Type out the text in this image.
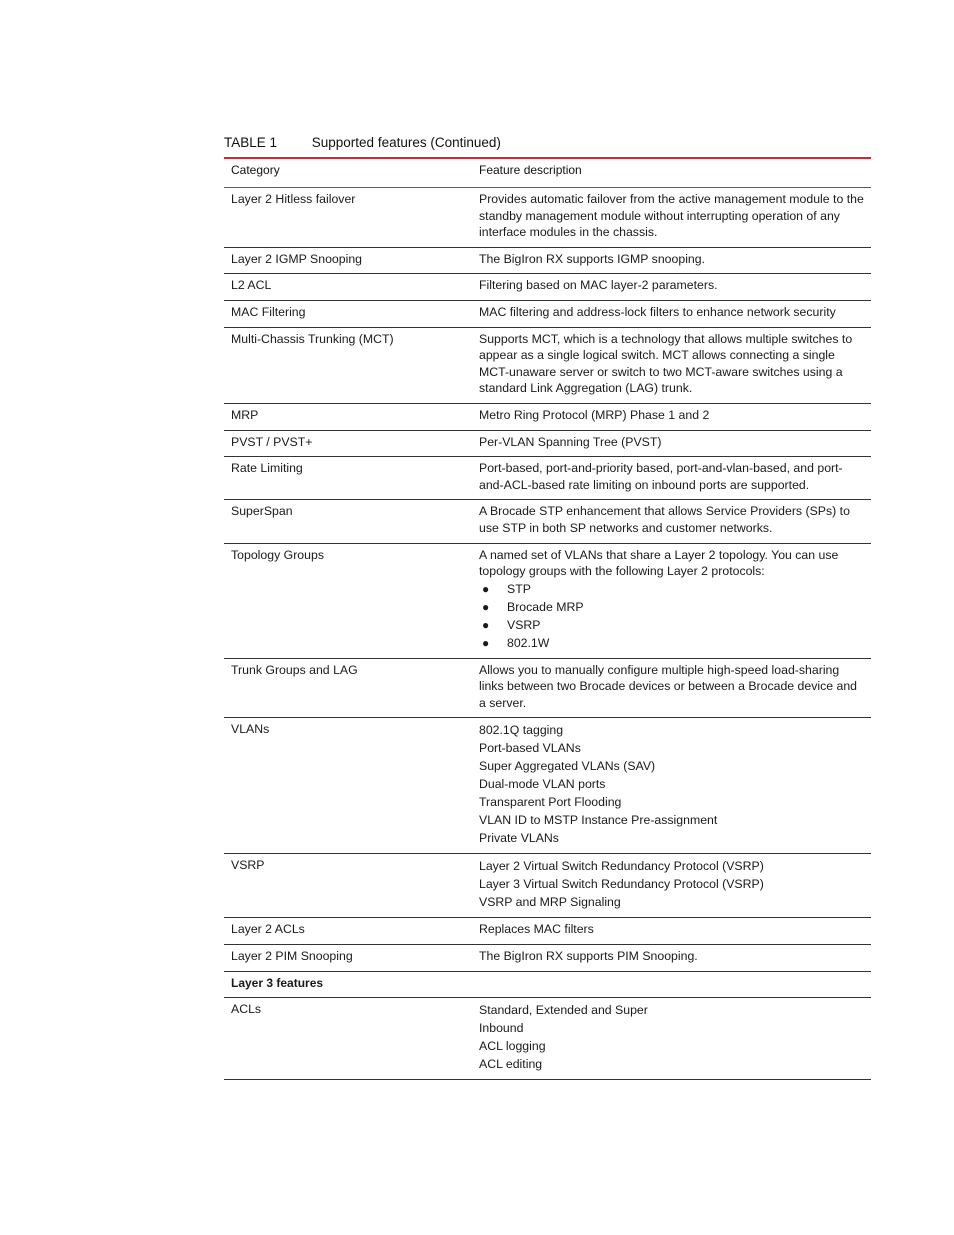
TABLE 1	Supported features (Continued)
Category	Feature description
Layer 2 Hitless failover	Provides automatic failover from the active management module to the standby management module without interrupting operation of any interface modules in the chassis.
Layer 2 IGMP Snooping	The BigIron RX supports IGMP snooping.
L2 ACL	Filtering based on MAC layer-2 parameters.
MAC Filtering	MAC filtering and address-lock filters to enhance network security
Multi-Chassis Trunking (MCT)	Supports MCT, which is a technology that allows multiple switches to appear as a single logical switch. MCT allows connecting a single MCT-unaware server or switch to two MCT-aware switches using a standard Link Aggregation (LAG) trunk.
MRP	Metro Ring Protocol (MRP) Phase 1 and 2
PVST / PVST+	Per-VLAN Spanning Tree (PVST)
Rate Limiting	Port-based, port-and-priority based, port-and-vlan-based, and port-and-ACL-based rate limiting on inbound ports are supported.
SuperSpan	A Brocade STP enhancement that allows Service Providers (SPs) to use STP in both SP networks and customer networks.
Topology Groups	A named set of VLANs that share a Layer 2 topology. You can use topology groups with the following Layer 2 protocols:
●	STP
●	Brocade MRP
●	VSRP
●	802.1W
Trunk Groups and LAG	Allows you to manually configure multiple high-speed load-sharing links between two Brocade devices or between a Brocade device and a server.
VLANs	802.1Q tagging
Port-based VLANs
Super Aggregated VLANs (SAV)
Dual-mode VLAN ports
Transparent Port Flooding
VLAN ID to MSTP Instance Pre-assignment
Private VLANs
VSRP	Layer 2 Virtual Switch Redundancy Protocol (VSRP)
Layer 3 Virtual Switch Redundancy Protocol (VSRP)
VSRP and MRP Signaling
Layer 2 ACLs	Replaces MAC filters
Layer 2 PIM Snooping	The BigIron RX supports PIM Snooping.
Layer 3 features
ACLs	Standard, Extended and Super
Inbound
ACL logging
ACL editing
